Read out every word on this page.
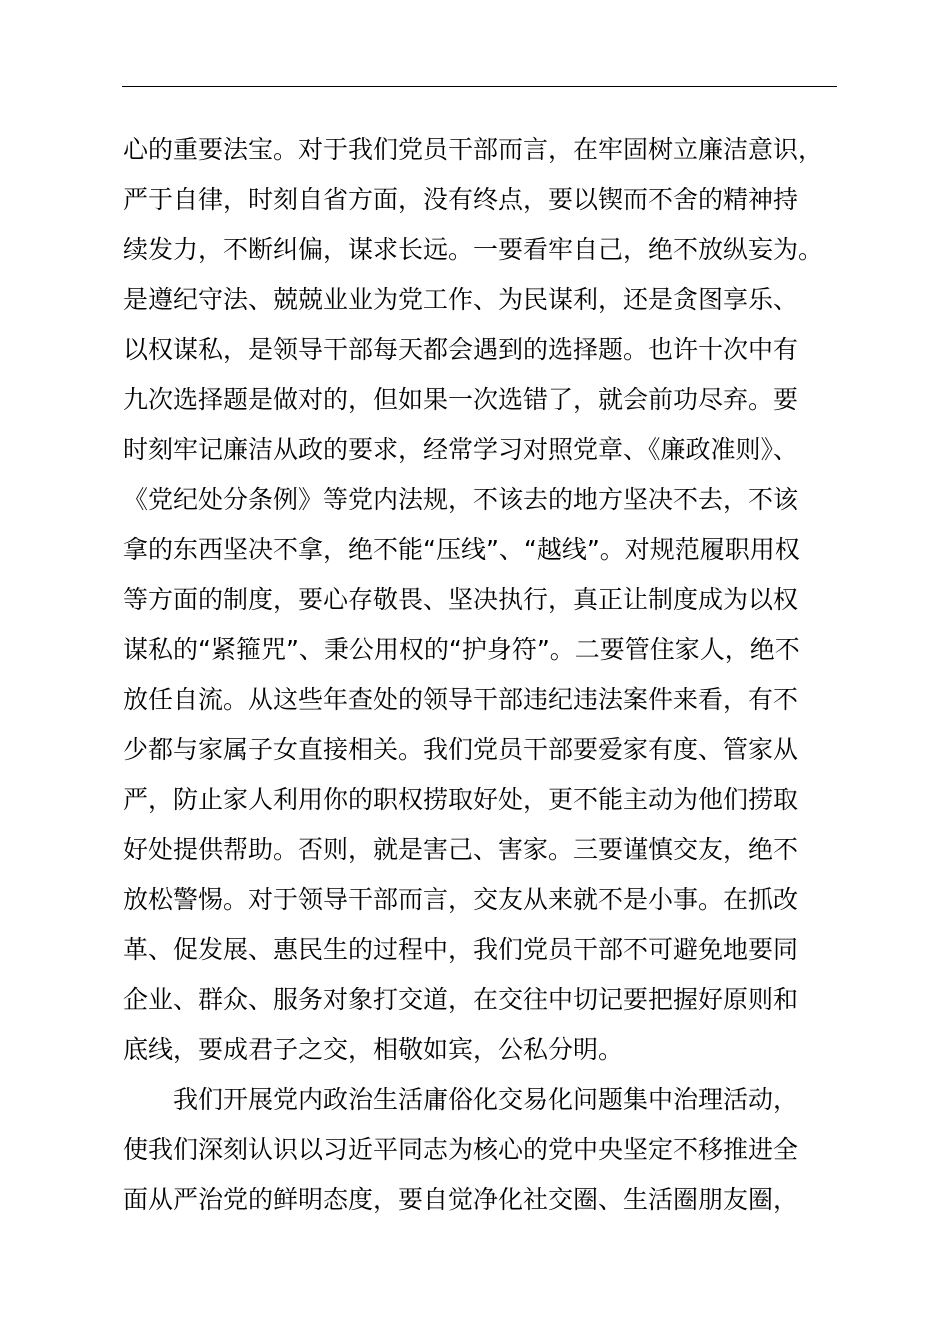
心的重要法宝。对于我们党员干部而言，在牢固树立廉洁意识，
严于自律，时刻自省方面，没有终点，要以锲而不舍的精神持
续发力，不断纠偏，谋求长远。一要看牢自己，绝不放纵妄为。
是遵纪守法、兢兢业业为党工作、为民谋利，还是贪图享乐、
以权谋私，是领导干部每天都会遇到的选择题。也许十次中有
九次选择题是做对的，但如果一次选错了，就会前功尽弃。要
时刻牢记廉洁从政的要求，经常学习对照党章、《廉政准则》、
《党纪处分条例》等党内法规，不该去的地方坚决不去，不该
拿的东西坚决不拿，绝不能“压线”、“越线”。对规范履职用权
等方面的制度，要心存敬畏、坚决执行，真正让制度成为以权
谋私的“紧箍咒”、秉公用权的“护身符”。二要管住家人，绝不
放任自流。从这些年查处的领导干部违纪违法案件来看，有不
少都与家属子女直接相关。我们党员干部要爱家有度、管家从
严，防止家人利用你的职权捞取好处，更不能主动为他们捞取
好处提供帮助。否则，就是害己、害家。三要谨慎交友，绝不
放松警惕。对于领导干部而言，交友从来就不是小事。在抓改
革、促发展、惠民生的过程中，我们党员干部不可避免地要同
企业、群众、服务对象打交道，在交往中切记要把握好原则和
底线，要成君子之交，相敬如宾，公私分明。
我们开展党内政治生活庸俗化交易化问题集中治理活动，
使我们深刻认识以习近平同志为核心的党中央坚定不移推进全
面从严治党的鲜明态度，要自觉净化社交圈、生活圈朋友圈，
